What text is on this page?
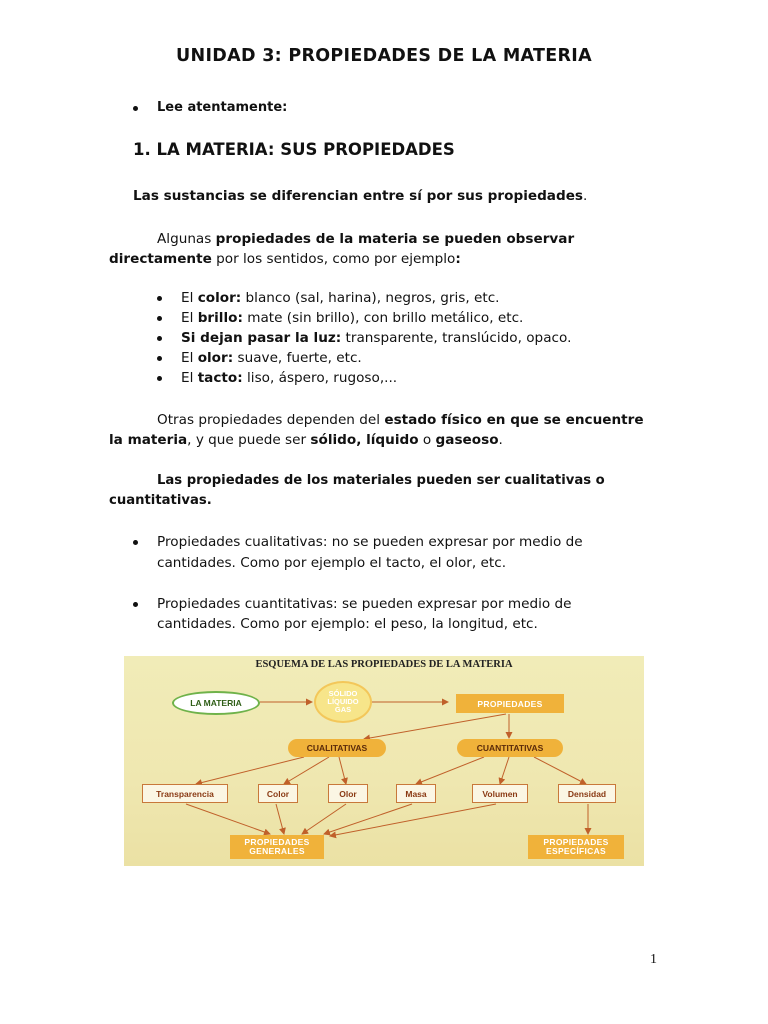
UNIDAD 3: PROPIEDADES DE LA MATERIA
Lee atentamente:
1. LA MATERIA: SUS PROPIEDADES
Las sustancias se diferencian entre sí por sus propiedades.
Algunas propiedades de la materia se pueden observar
directamente por los sentidos, como por ejemplo:
El color: blanco (sal, harina), negros, gris, etc.
El brillo: mate (sin brillo), con brillo metálico, etc.
Si dejan pasar la luz: transparente, translúcido, opaco.
El olor: suave, fuerte, etc.
El tacto: liso, áspero, rugoso,...
Otras propiedades dependen del estado físico en que se encuentre
la materia, y que puede ser sólido, líquido o gaseoso.
Las propiedades de los materiales pueden ser cualitativas o
cuantitativas.
Propiedades cualitativas: no se pueden expresar por medio de
cantidades. Como por ejemplo el tacto, el olor, etc.
Propiedades cuantitativas: se pueden expresar por medio de
cantidades. Como por ejemplo: el peso, la longitud, etc.
ESQUEMA DE LAS PROPIEDADES DE LA MATERIA
LA MATERIA
SÓLIDO
LÍQUIDO
GAS
PROPIEDADES
CUALITATIVAS	CUANTITATIVAS
Transparencia	Color	Olor	Masa	Volumen	Densidad
PROPIEDADES
GENERALES
PROPIEDADES
ESPECÍFICAS
1
